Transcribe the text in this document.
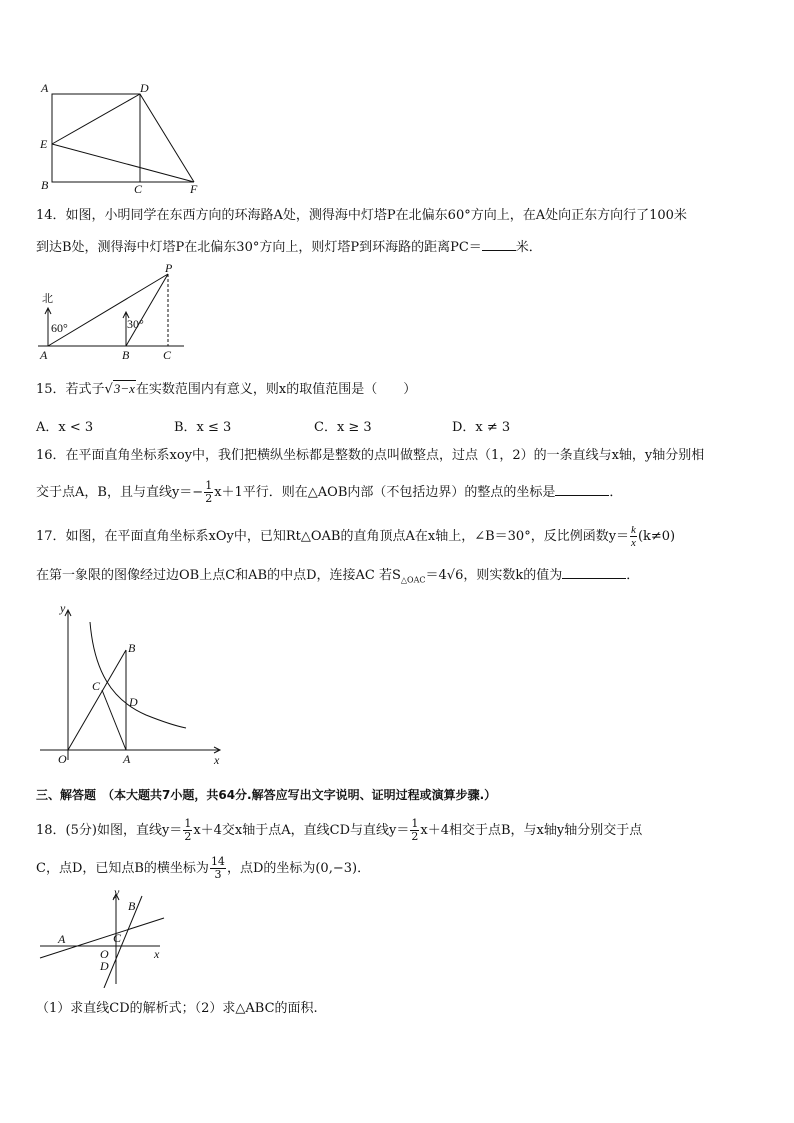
A	D
E
B	C	F
14．如图，小明同学在东西方向的环海路A处，测得海中灯塔P在北偏东60°方向上，在A处向正东方向行了100米
到达B处，测得海中灯塔P在北偏东30°方向上，则灯塔P到环海路的距离PC＝	米．
北
60°	30°
A	B	C
P
15．若式子√3−x在实数范围内有意义，则x的取值范围是（　　）
A．x < 3	B．x ≤ 3	C．x ≥ 3	D．x ≠ 3
16．在平面直角坐标系xoy中，我们把横纵坐标都是整数的点叫做整点，过点（1，2）的一条直线与x轴，y轴分别相
交于点A，B，且与直线$y=- \frac{1}{2} x+1$平行．则在△AOB内部（不包括边界）的整点的坐标是	．
17．如图，在平面直角坐标系xOy中，已知Rt△OAB的直角顶点A在x轴上，∠B＝30°，反比例函数$y= \frac{k}{x} (k\ne 0)$
在第一象限的图像经过边OB上点C和AB的中点D，连接AC 若$S_{\triangle OAC}=4√6$，则实数k的值为	．
y
x
O	A
B
C
D
三、解答题　（本大题共7小题，共64分.解答应写出文字说明、证明过程或演算步骤.）
18．(5分)如图，直线$y= \frac{1}{2} x+4$交x轴于点A，直线CD与直线$y= \frac{1}{2} x+4$相交于点B，与x轴y轴分别交于点
C，点D，已知点B的横坐标为 $\frac{14}{3}$ ，点D的坐标为(0,−3)．
y
x
A
B
C
O
D
（1）求直线CD的解析式；（2）求△ABC的面积.
